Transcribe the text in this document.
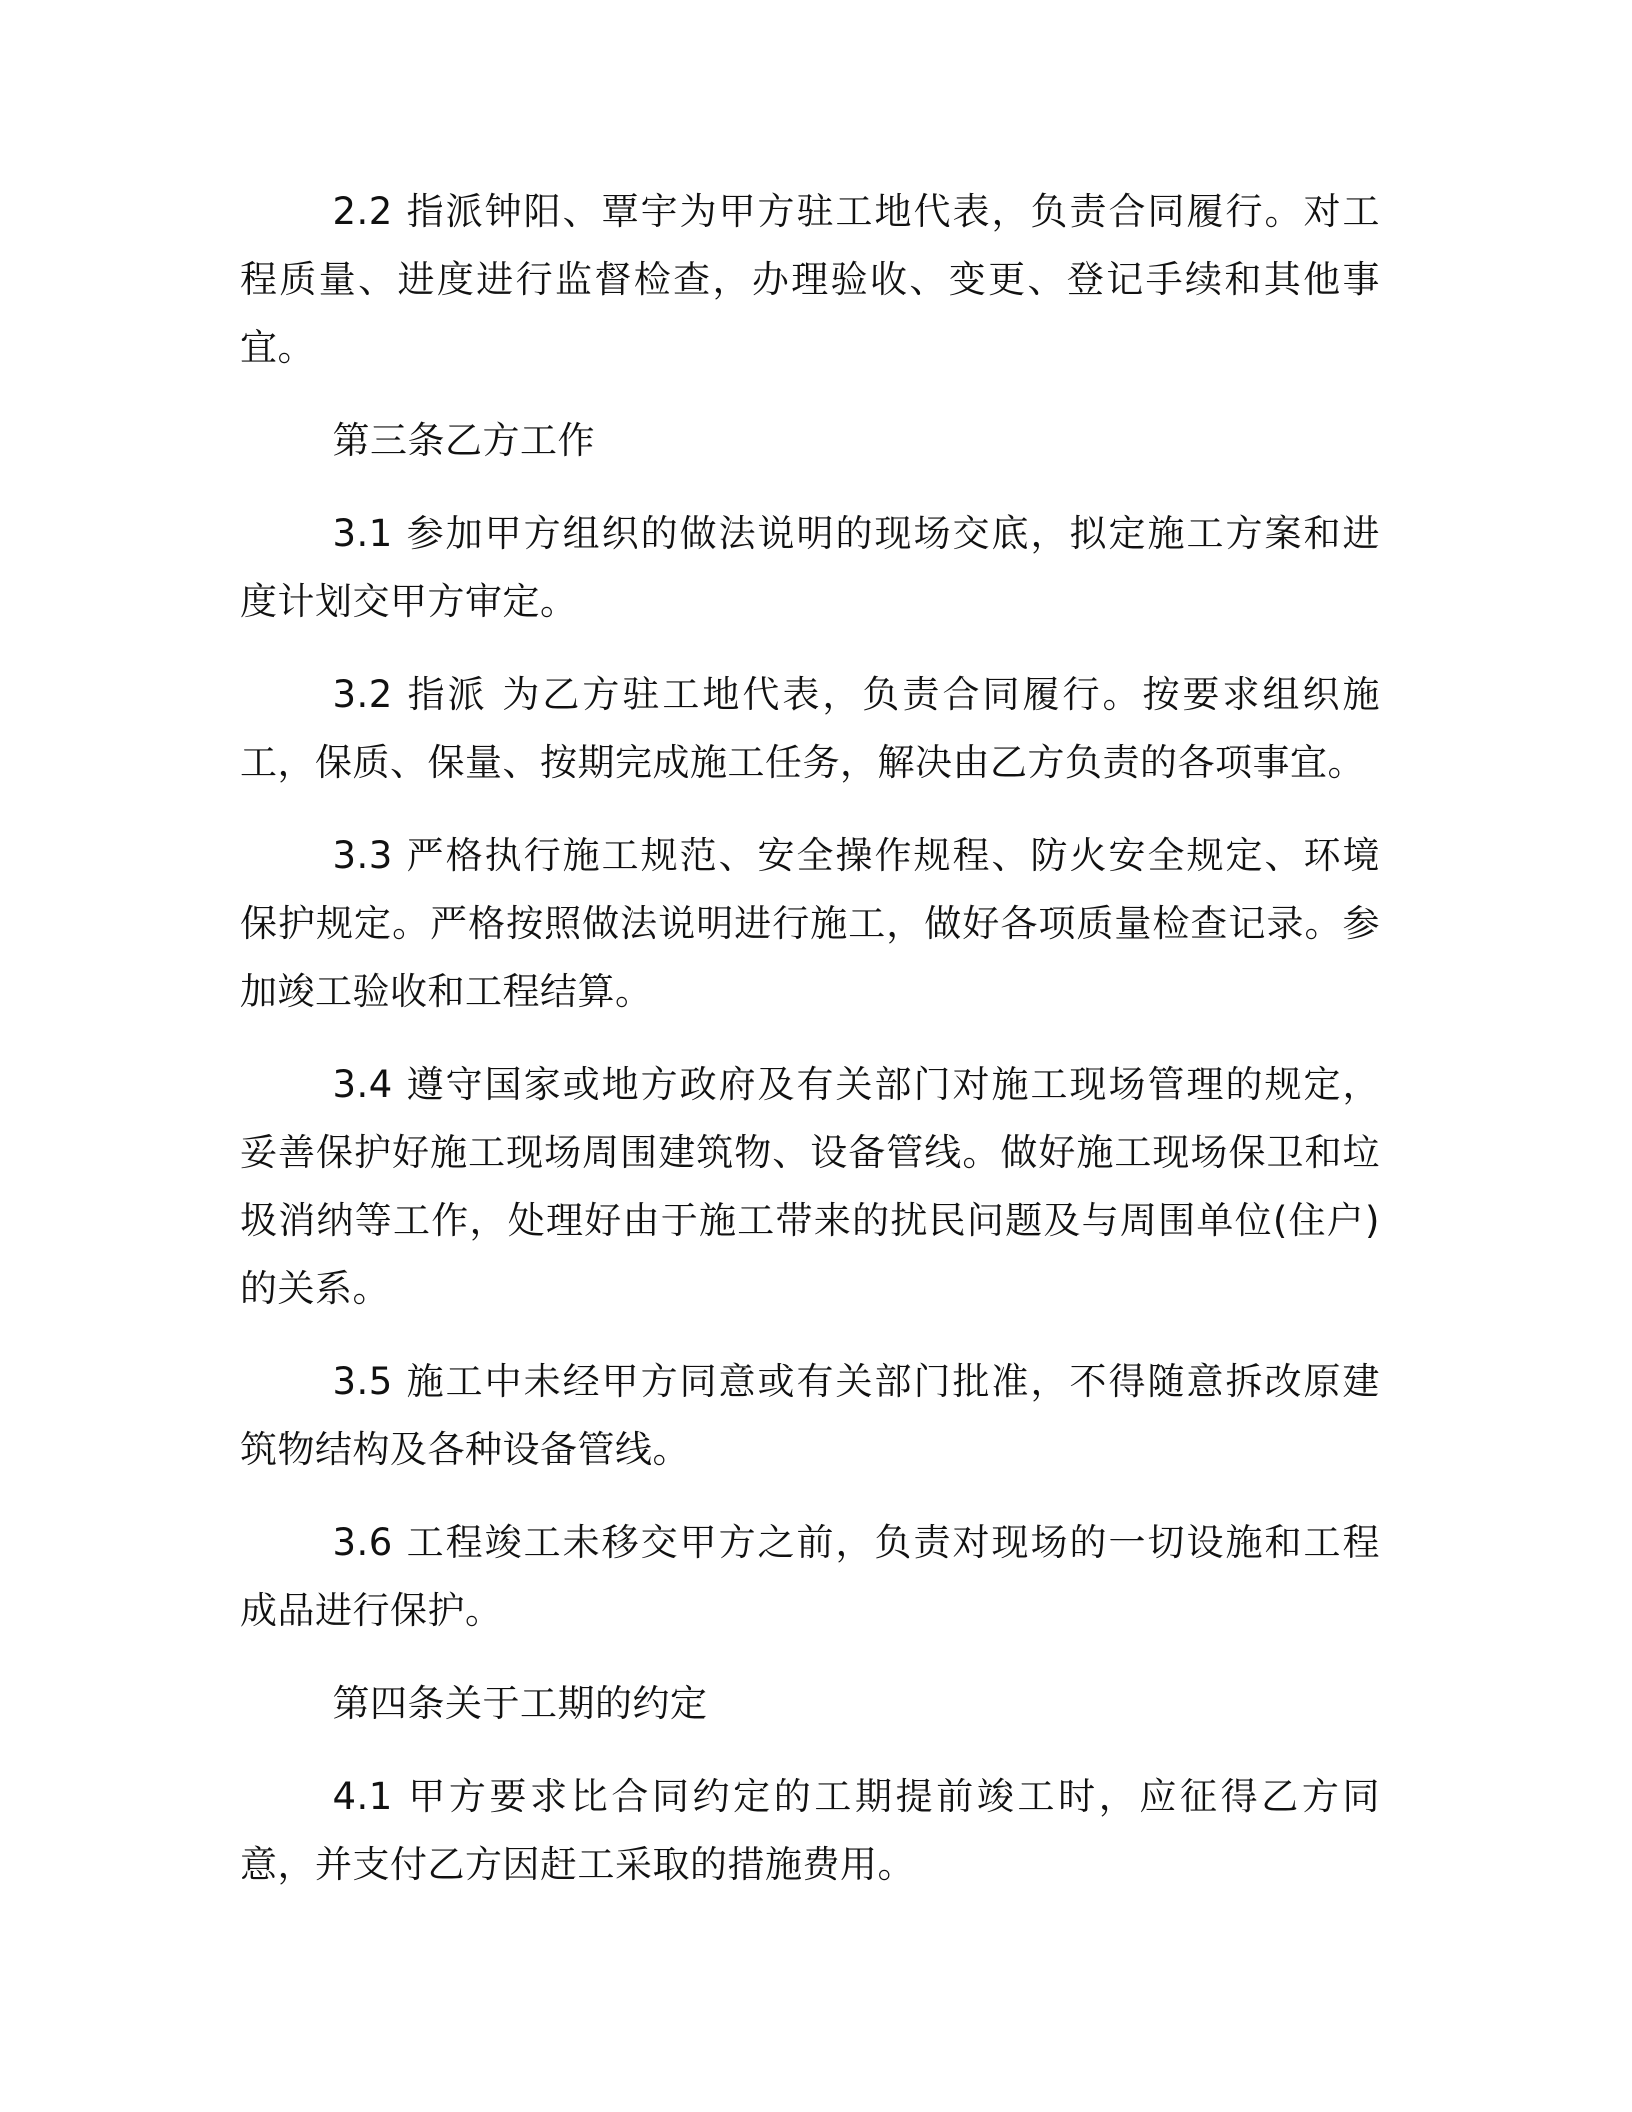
2.2 指派钟阳、覃宇为甲方驻工地代表，负责合同履行。对工程质量、进度进行监督检查，办理验收、变更、登记手续和其他事宜。

第三条乙方工作

3.1 参加甲方组织的做法说明的现场交底，拟定施工方案和进度计划交甲方审定。

3.2 指派 为乙方驻工地代表，负责合同履行。按要求组织施工，保质、保量、按期完成施工任务，解决由乙方负责的各项事宜。

3.3 严格执行施工规范、安全操作规程、防火安全规定、环境保护规定。严格按照做法说明进行施工，做好各项质量检查记录。参加竣工验收和工程结算。

3.4 遵守国家或地方政府及有关部门对施工现场管理的规定，妥善保护好施工现场周围建筑物、设备管线。做好施工现场保卫和垃圾消纳等工作，处理好由于施工带来的扰民问题及与周围单位(住户)的关系。

3.5 施工中未经甲方同意或有关部门批准，不得随意拆改原建筑物结构及各种设备管线。

3.6 工程竣工未移交甲方之前，负责对现场的一切设施和工程成品进行保护。

第四条关于工期的约定

4.1 甲方要求比合同约定的工期提前竣工时，应征得乙方同意，并支付乙方因赶工采取的措施费用。
